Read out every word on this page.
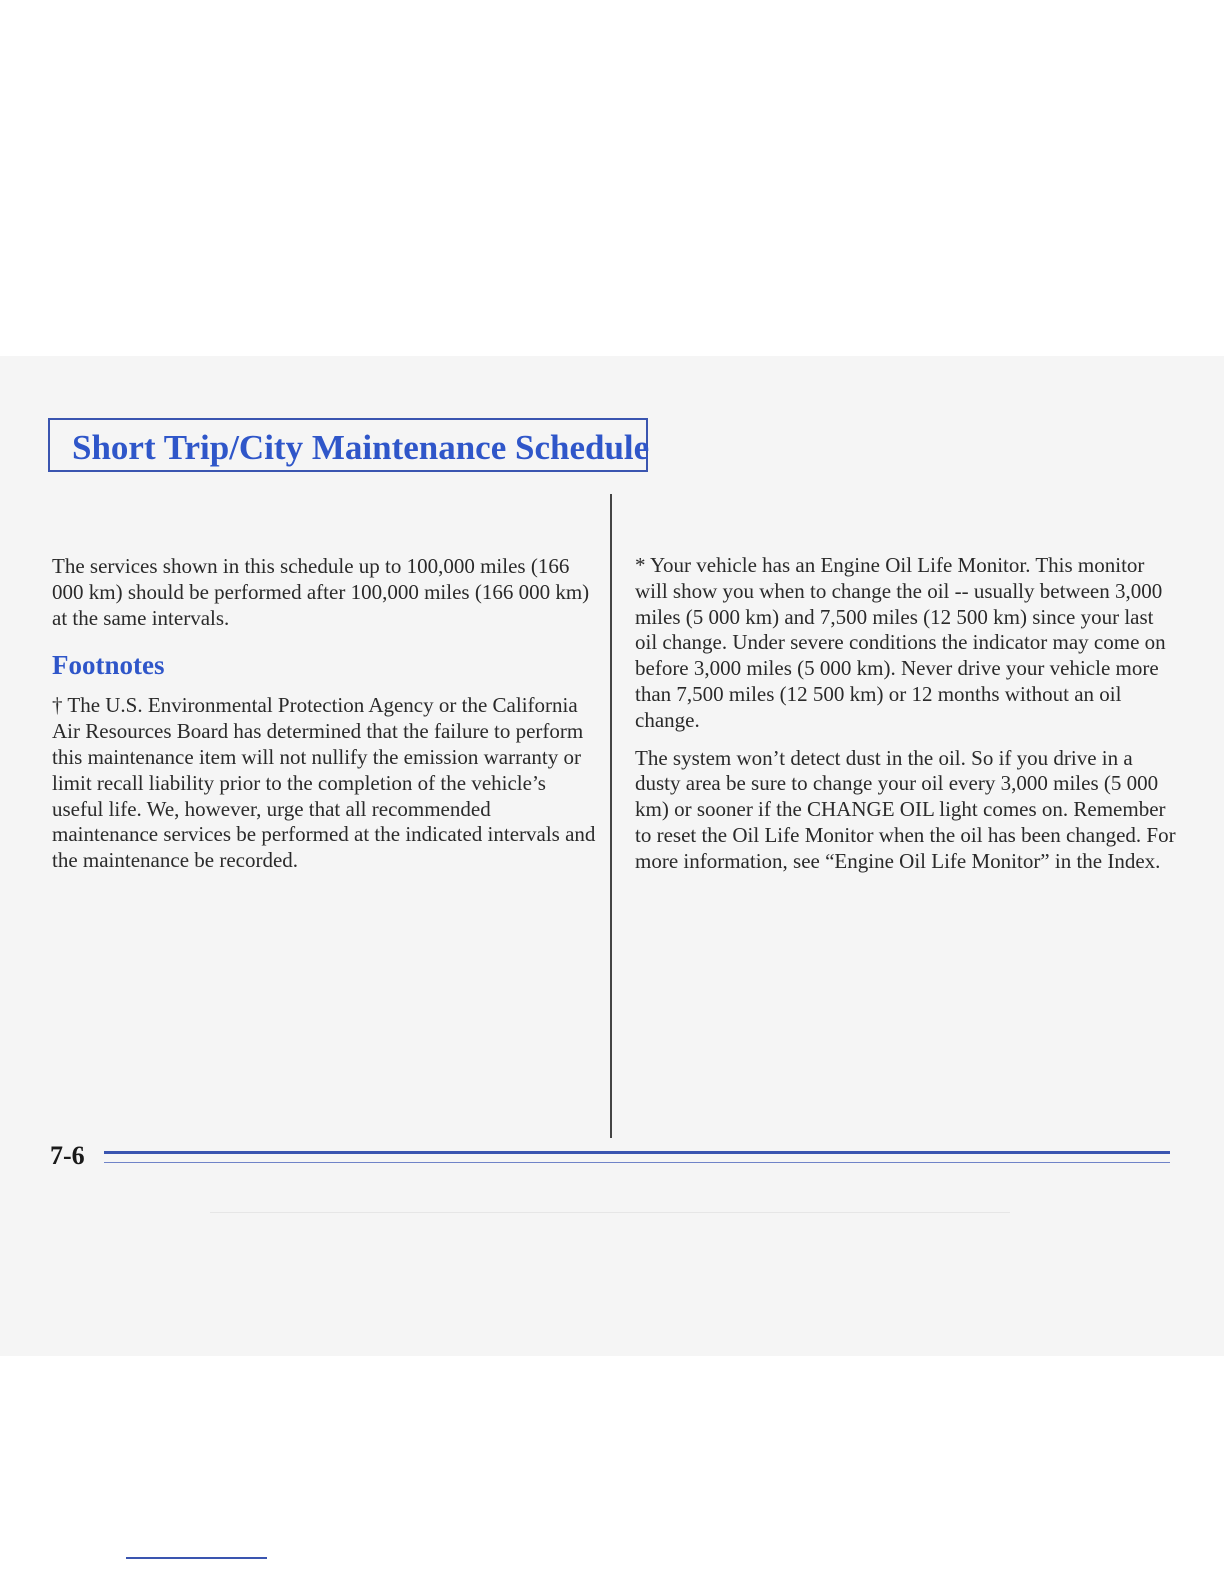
Short Trip/City Maintenance Schedule

The services shown in this schedule up to 100,000 miles (166 000 km) should be performed after 100,000 miles (166 000 km) at the same intervals.

Footnotes

† The U.S. Environmental Protection Agency or the California Air Resources Board has determined that the failure to perform this maintenance item will not nullify the emission warranty or limit recall liability prior to the completion of the vehicle’s useful life. We, however, urge that all recommended maintenance services be performed at the indicated intervals and the maintenance be recorded.

* Your vehicle has an Engine Oil Life Monitor. This monitor will show you when to change the oil -- usually between 3,000 miles (5 000 km) and 7,500 miles (12 500 km) since your last oil change. Under severe conditions the indicator may come on before 3,000 miles (5 000 km). Never drive your vehicle more than 7,500 miles (12 500 km) or 12 months without an oil change.

The system won’t detect dust in the oil. So if you drive in a dusty area be sure to change your oil every 3,000 miles (5 000 km) or sooner if the CHANGE OIL light comes on. Remember to reset the Oil Life Monitor when the oil has been changed. For more information, see “Engine Oil Life Monitor” in the Index.

7-6
